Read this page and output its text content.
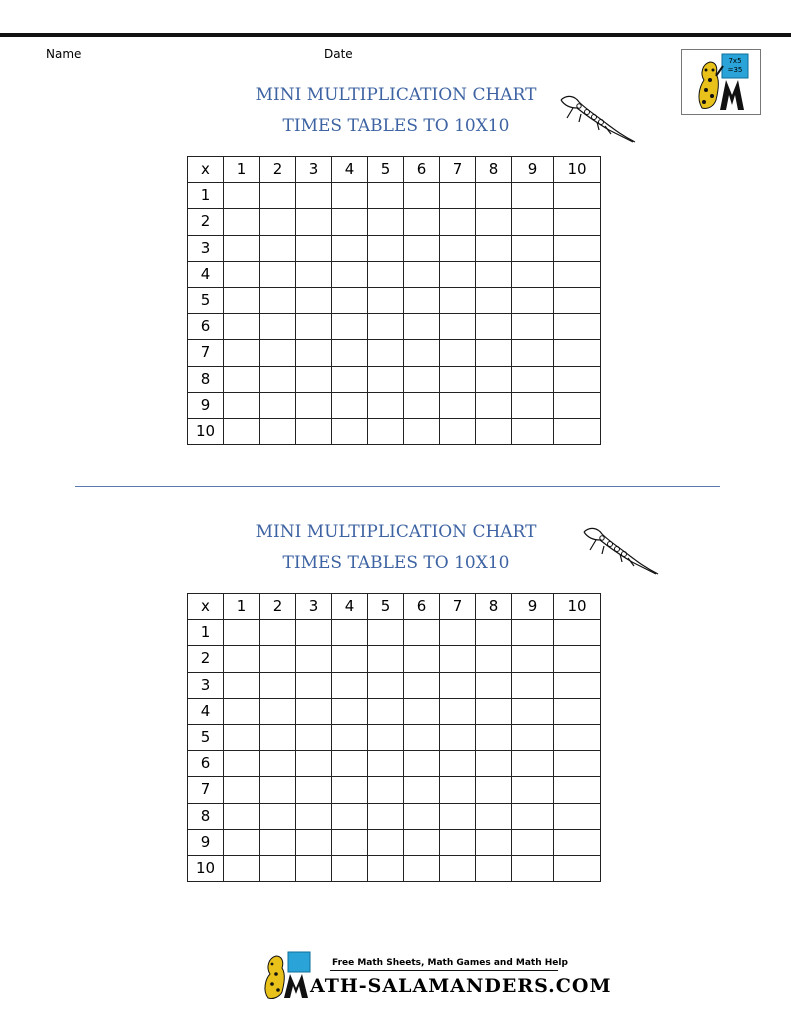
Name	Date	7x5
=35
MINI MULTIPLICATION CHART
TIMES TABLES TO 10X10
x	1	2	3	4	5	6	7	8	9	10
1										
2										
3										
4										
5										
6										
7										
8										
9										
10										
MINI MULTIPLICATION CHART
TIMES TABLES TO 10X10
x	1	2	3	4	5	6	7	8	9	10
1										
2										
3										
4										
5										
6										
7										
8										
9										
10										
Free Math Sheets, Math Games and Math Help
ATH-SALAMANDERS.COM
